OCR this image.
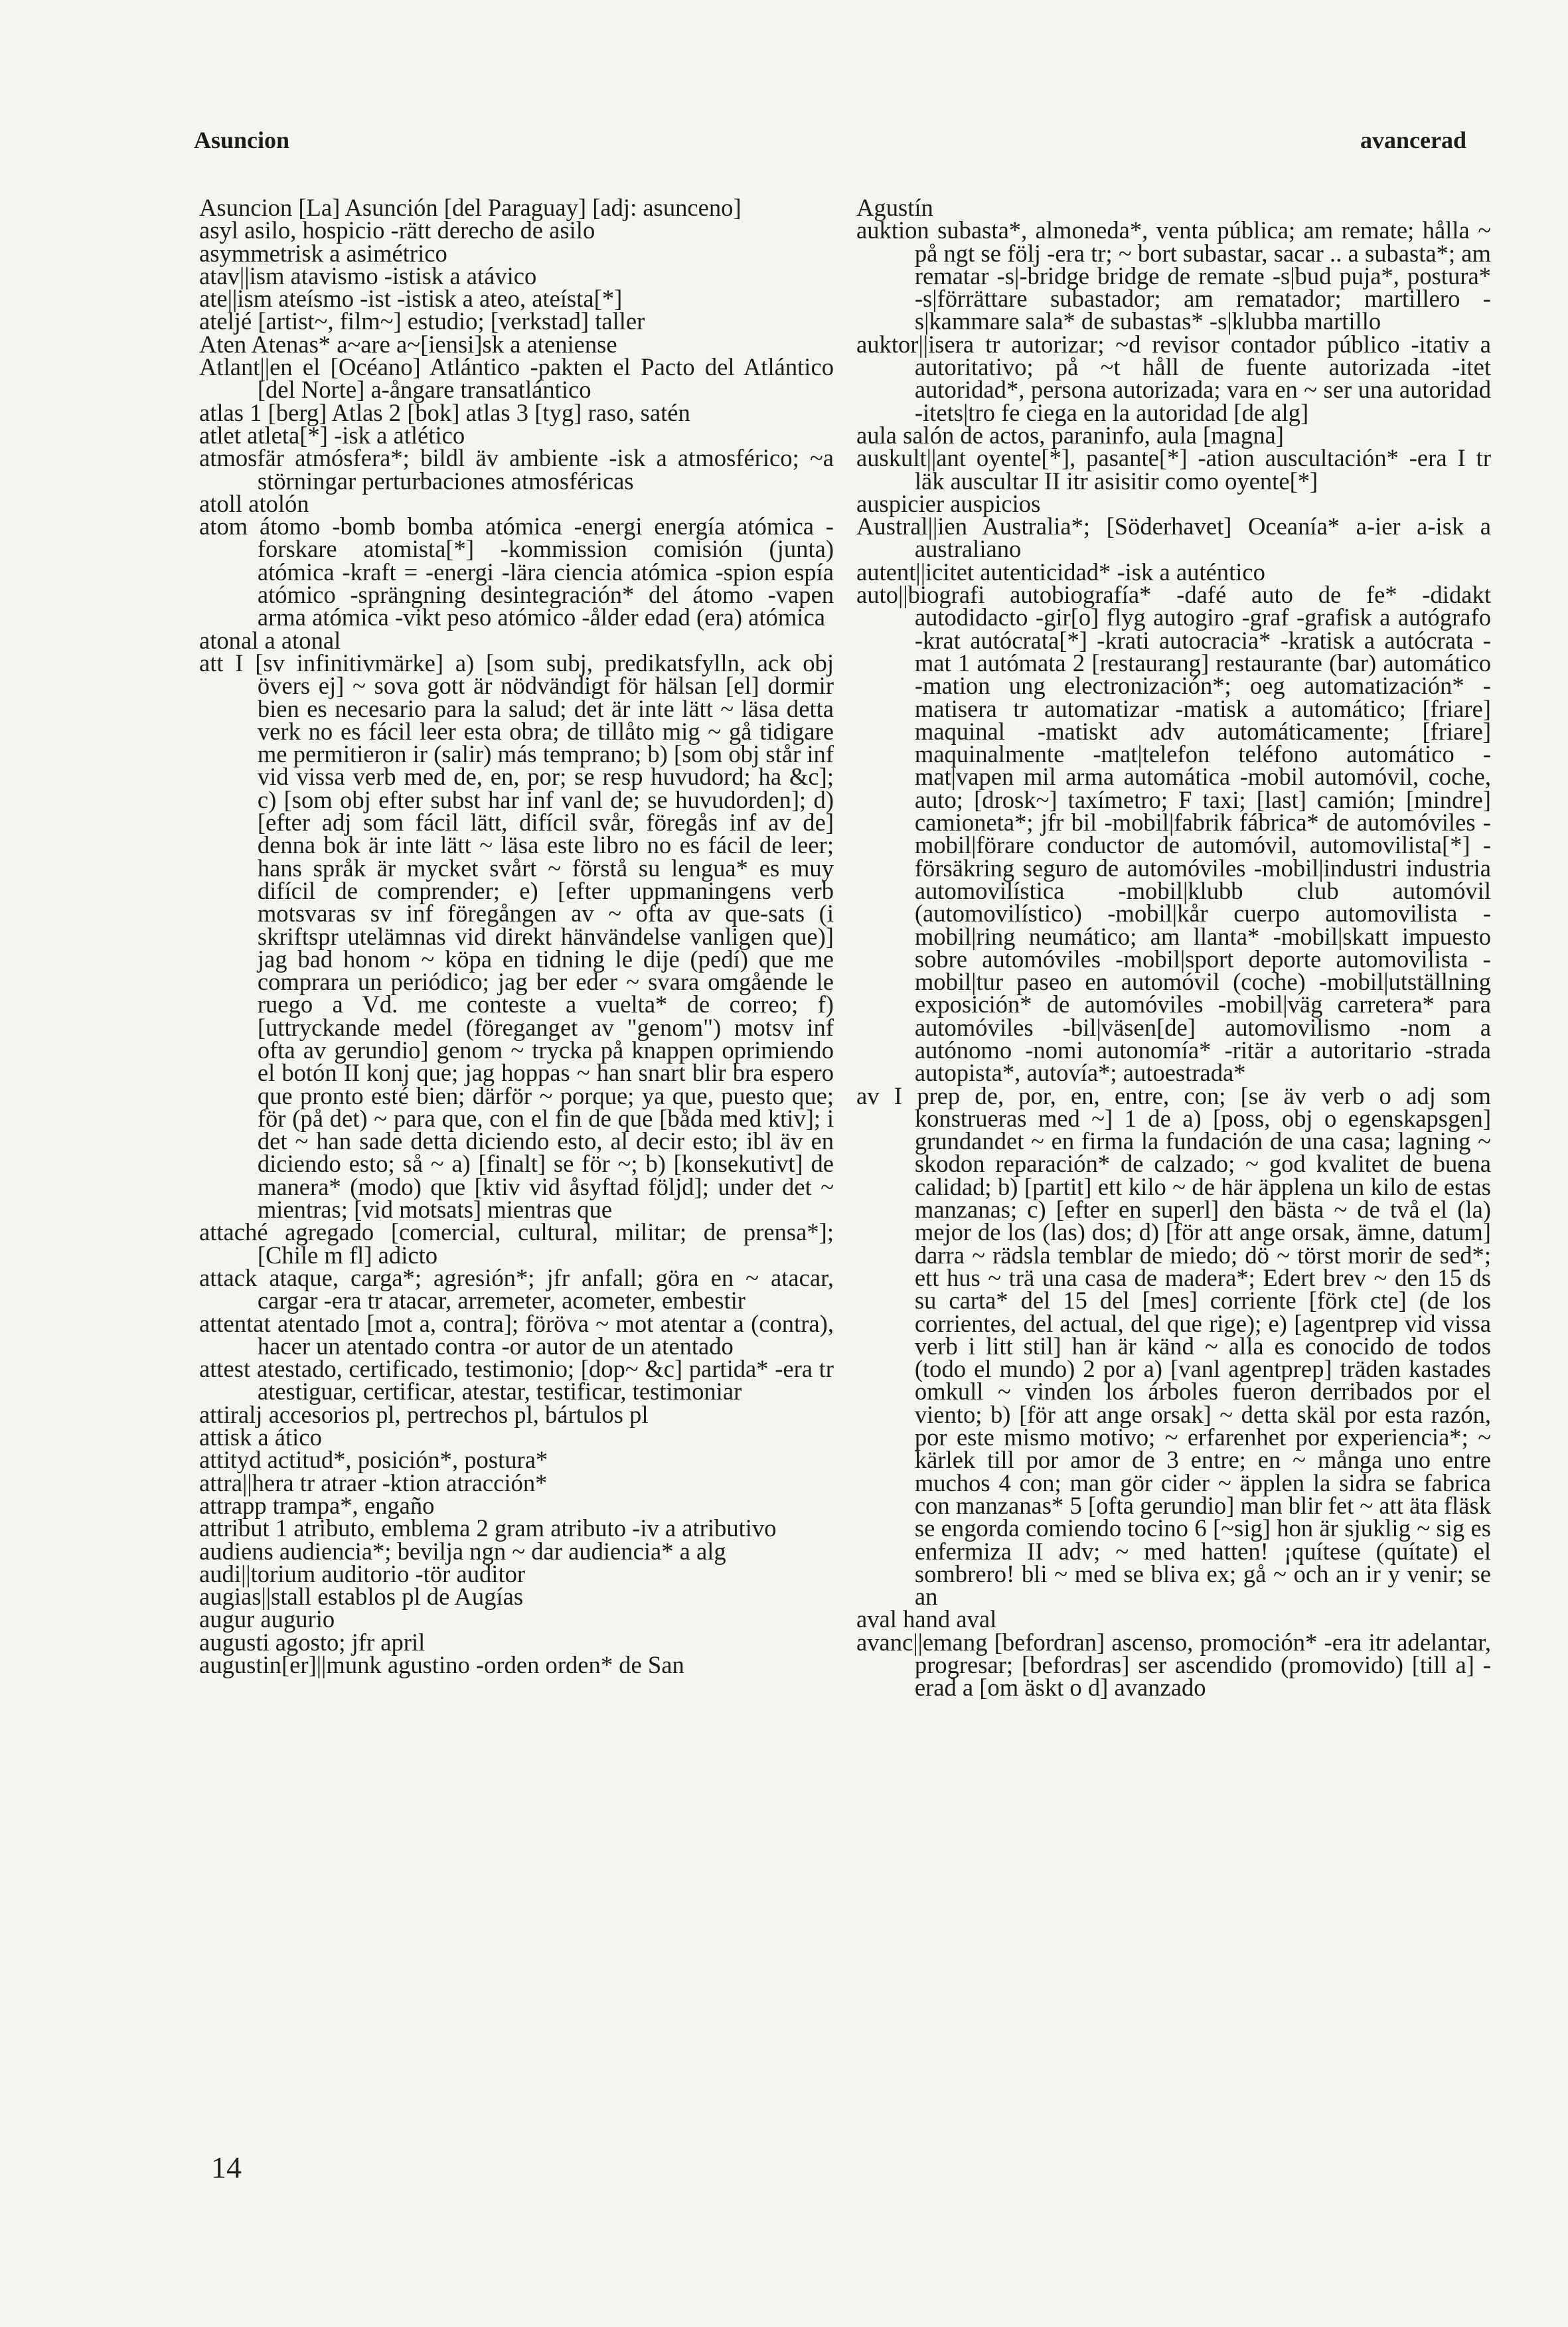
Asuncion	avancerad

Asuncion [La] Asunción [del Paraguay] [adj: asunceno]

asyl asilo, hospicio -rätt derecho de asilo

asymmetrisk a asimétrico

atav||ism atavismo -istisk a atávico

ate||ism ateísmo -ist -istisk a ateo, ateísta[*]

ateljé [artist~, film~] estudio; [verkstad] taller

Aten Atenas* a~are a~[iensi]sk a ateniense

Atlant||en el [Océano] Atlántico -pakten el Pacto del Atlántico [del Norte] a-ångare transatlántico

atlas 1 [berg] Atlas 2 [bok] atlas 3 [tyg] raso, satén

atlet atleta[*] -isk a atlético

atmosfär atmósfera*; bildl äv ambiente -isk a atmosférico; ~a störningar perturbaciones atmosféricas

atoll atolón

atom átomo -bomb bomba atómica -energi energía atómica -forskare atomista[*] -kommission comisión (junta) atómica -kraft = -energi -lära ciencia atómica -spion espía atómico -sprängning desintegración* del átomo -vapen arma atómica -vikt peso atómico -ålder edad (era) atómica

atonal a atonal

att I [sv infinitivmärke] a) [som subj, predikatsfylln, ack obj övers ej] ~ sova gott är nödvändigt för hälsan [el] dormir bien es necesario para la salud; det är inte lätt ~ läsa detta verk no es fácil leer esta obra; de tillåto mig ~ gå tidigare me permitieron ir (salir) más temprano; b) [som obj står inf vid vissa verb med de, en, por; se resp huvudord; ha &c]; c) [som obj efter subst har inf vanl de; se huvudorden]; d) [efter adj som fácil lätt, difícil svår, föregås inf av de] denna bok är inte lätt ~ läsa este libro no es fácil de leer; hans språk är mycket svårt ~ förstå su lengua* es muy difícil de comprender; e) [efter uppmaningens verb motsvaras sv inf föregången av ~ ofta av que-sats (i skriftspr utelämnas vid direkt hänvändelse vanligen que)] jag bad honom ~ köpa en tidning le dije (pedí) que me comprara un periódico; jag ber eder ~ svara omgående le ruego a Vd. me conteste a vuelta* de correo; f) [uttryckande medel (föreganget av "genom") motsv inf ofta av gerundio] genom ~ trycka på knappen oprimiendo el botón II konj que; jag hoppas ~ han snart blir bra espero que pronto esté bien; därför ~ porque; ya que, puesto que; för (på det) ~ para que, con el fin de que [båda med ktiv]; i det ~ han sade detta diciendo esto, al decir esto; ibl äv en diciendo esto; så ~ a) [finalt] se för ~; b) [konsekutivt] de manera* (modo) que [ktiv vid åsyftad följd]; under det ~ mientras; [vid motsats] mientras que

attaché agregado [comercial, cultural, militar; de prensa*]; [Chile m fl] adicto

attack ataque, carga*; agresión*; jfr anfall; göra en ~ atacar, cargar -era tr atacar, arremeter, acometer, embestir

attentat atentado [mot a, contra]; föröva ~ mot atentar a (contra), hacer un atentado contra -or autor de un atentado

attest atestado, certificado, testimonio; [dop~ &c] partida* -era tr atestiguar, certificar, atestar, testificar, testimoniar

attiralj accesorios pl, pertrechos pl, bártulos pl

attisk a ático

attityd actitud*, posición*, postura*

attra||hera tr atraer -ktion atracción*

attrapp trampa*, engaño

attribut 1 atributo, emblema 2 gram atributo -iv a atributivo

audiens audiencia*; bevilja ngn ~ dar audiencia* a alg

audi||torium auditorio -tör auditor

augias||stall establos pl de Augías

augur augurio

augusti agosto; jfr april

augustin[er]||munk agustino -orden orden* de San

Agustín

auktion subasta*, almoneda*, venta pública; am remate; hålla ~ på ngt se följ -era tr; ~ bort subastar, sacar .. a subasta*; am rematar -s|-bridge bridge de remate -s|bud puja*, postura* -s|förrättare subastador; am rematador; martillero -s|kammare sala* de subastas* -s|klubba martillo

auktor||isera tr autorizar; ~d revisor contador público -itativ a autoritativo; på ~t håll de fuente autorizada -itet autoridad*, persona autorizada; vara en ~ ser una autoridad -itets|tro fe ciega en la autoridad [de alg]

aula salón de actos, paraninfo, aula [magna]

auskult||ant oyente[*], pasante[*] -ation auscultación* -era I tr läk auscultar II itr asisitir como oyente[*]

auspicier auspicios

Austral||ien Australia*; [Söderhavet] Oceanía* a-ier a-isk a australiano

autent||icitet autenticidad* -isk a auténtico

auto||biografi autobiografía* -dafé auto de fe* -didakt autodidacto -gir[o] flyg autogiro -graf -grafisk a autógrafo -krat autócrata[*] -krati autocracia* -kratisk a autócrata -mat 1 autómata 2 [restaurang] restaurante (bar) automático -mation ung electronización*; oeg automatización* -matisera tr automatizar -matisk a automático; [friare] maquinal -matiskt adv automáticamente; [friare] maquinalmente -mat|telefon teléfono automático -mat|vapen mil arma automática -mobil automóvil, coche, auto; [drosk~] taxímetro; F taxi; [last] camión; [mindre] camioneta*; jfr bil -mobil|fabrik fábrica* de automóviles -mobil|förare conductor de automóvil, automovilista[*] -försäkring seguro de automóviles -mobil|industri industria automovilística -mobil|klubb club automóvil (automovilístico) -mobil|kår cuerpo automovilista -mobil|ring neumático; am llanta* -mobil|skatt impuesto sobre automóviles -mobil|sport deporte automovilista -mobil|tur paseo en automóvil (coche) -mobil|utställning exposición* de automóviles -mobil|väg carretera* para automóviles -bil|väsen[de] automovilismo -nom a autónomo -nomi autonomía* -ritär a autoritario -strada autopista*, autovía*; autoestrada*

av I prep de, por, en, entre, con; [se äv verb o adj som konstrueras med ~] 1 de a) [poss, obj o egenskapsgen] grundandet ~ en firma la fundación de una casa; lagning ~ skodon reparación* de calzado; ~ god kvalitet de buena calidad; b) [partit] ett kilo ~ de här äpplena un kilo de estas manzanas; c) [efter en superl] den bästa ~ de två el (la) mejor de los (las) dos; d) [för att ange orsak, ämne, datum] darra ~ rädsla temblar de miedo; dö ~ törst morir de sed*; ett hus ~ trä una casa de madera*; Edert brev ~ den 15 ds su carta* del 15 del [mes] corriente [förk cte] (de los corrientes, del actual, del que rige); e) [agentprep vid vissa verb i litt stil] han är känd ~ alla es conocido de todos (todo el mundo) 2 por a) [vanl agentprep] träden kastades omkull ~ vinden los árboles fueron derribados por el viento; b) [för att ange orsak] ~ detta skäl por esta razón, por este mismo motivo; ~ erfarenhet por experiencia*; ~ kärlek till por amor de 3 entre; en ~ många uno entre muchos 4 con; man gör cider ~ äpplen la sidra se fabrica con manzanas* 5 [ofta gerundio] man blir fet ~ att äta fläsk se engorda comiendo tocino 6 [~sig] hon är sjuklig ~ sig es enfermiza II adv; ~ med hatten! ¡quítese (quítate) el sombrero! bli ~ med se bliva ex; gå ~ och an ir y venir; se an

aval hand aval

avanc||emang [befordran] ascenso, promoción* -era itr adelantar, progresar; [befordras] ser ascendido (promovido) [till a] -erad a [om äskt o d] avanzado

14
